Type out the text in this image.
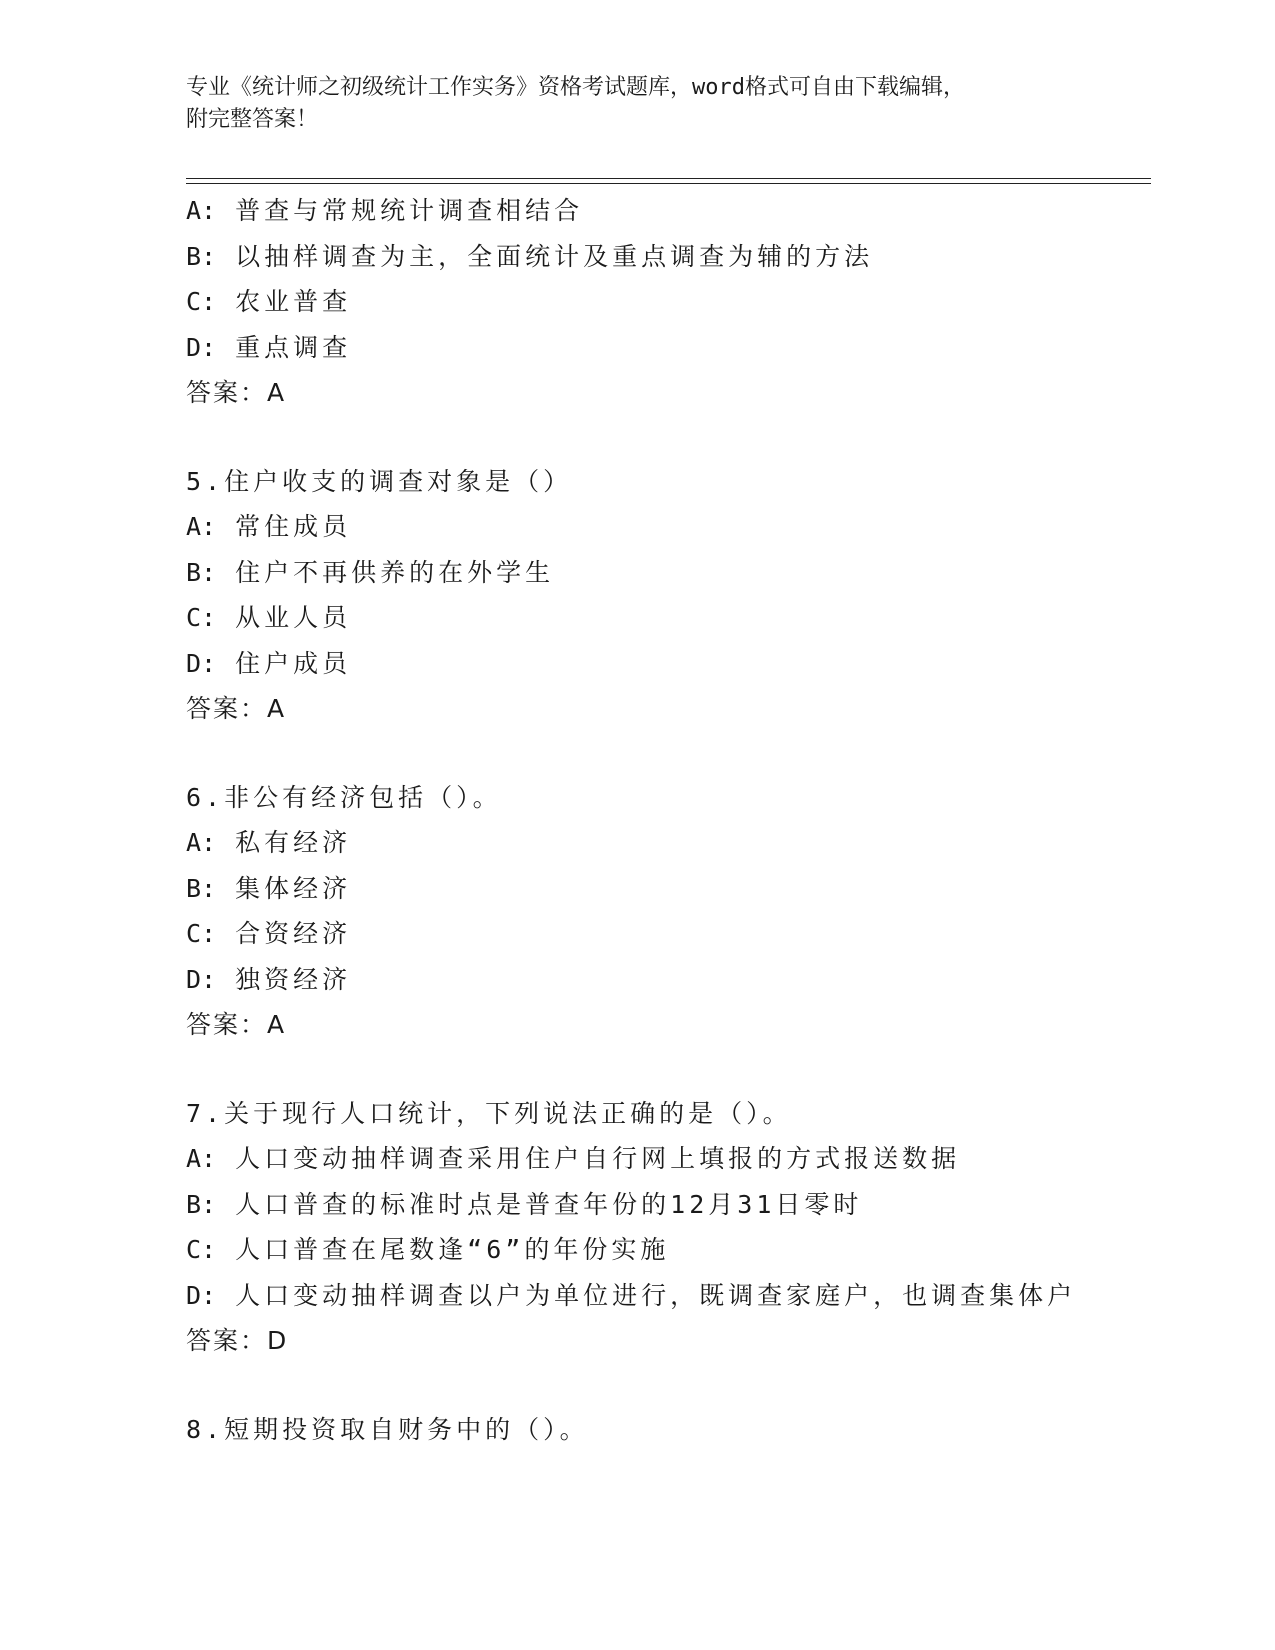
专业《统计师之初级统计工作实务》资格考试题库，word格式可自由下载编辑，
附完整答案！
A: 普查与常规统计调查相结合
B: 以抽样调查为主，全面统计及重点调查为辅的方法
C: 农业普查
D: 重点调查
答案：A
5.住户收支的调查对象是（）
A: 常住成员
B: 住户不再供养的在外学生
C: 从业人员
D: 住户成员
答案：A
6.非公有经济包括（）。
A: 私有经济
B: 集体经济
C: 合资经济
D: 独资经济
答案：A
7.关于现行人口统计，下列说法正确的是（）。
A: 人口变动抽样调查采用住户自行网上填报的方式报送数据
B: 人口普查的标准时点是普查年份的12月31日零时
C: 人口普查在尾数逢“6”的年份实施
D: 人口变动抽样调查以户为单位进行，既调查家庭户，也调查集体户
答案：D
8.短期投资取自财务中的（）。
